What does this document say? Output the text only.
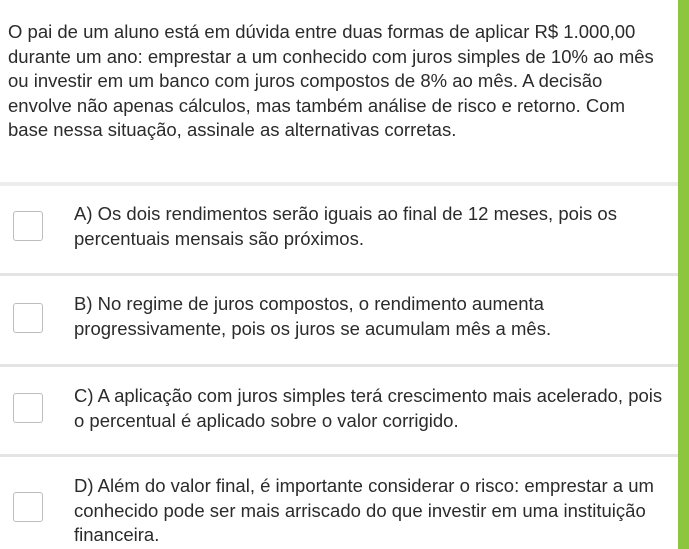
O pai de um aluno está em dúvida entre duas formas de aplicar R$ 1.000,00 durante um ano: emprestar a um conhecido com juros simples de 10% ao mês ou investir em um banco com juros compostos de 8% ao mês. A decisão envolve não apenas cálculos, mas também análise de risco e retorno. Com base nessa situação, assinale as alternativas corretas.
A) Os dois rendimentos serão iguais ao final de 12 meses, pois os percentuais mensais são próximos.
B) No regime de juros compostos, o rendimento aumenta progressivamente, pois os juros se acumulam mês a mês.
C) A aplicação com juros simples terá crescimento mais acelerado, pois o percentual é aplicado sobre o valor corrigido.
D) Além do valor final, é importante considerar o risco: emprestar a um conhecido pode ser mais arriscado do que investir em uma instituição financeira.
